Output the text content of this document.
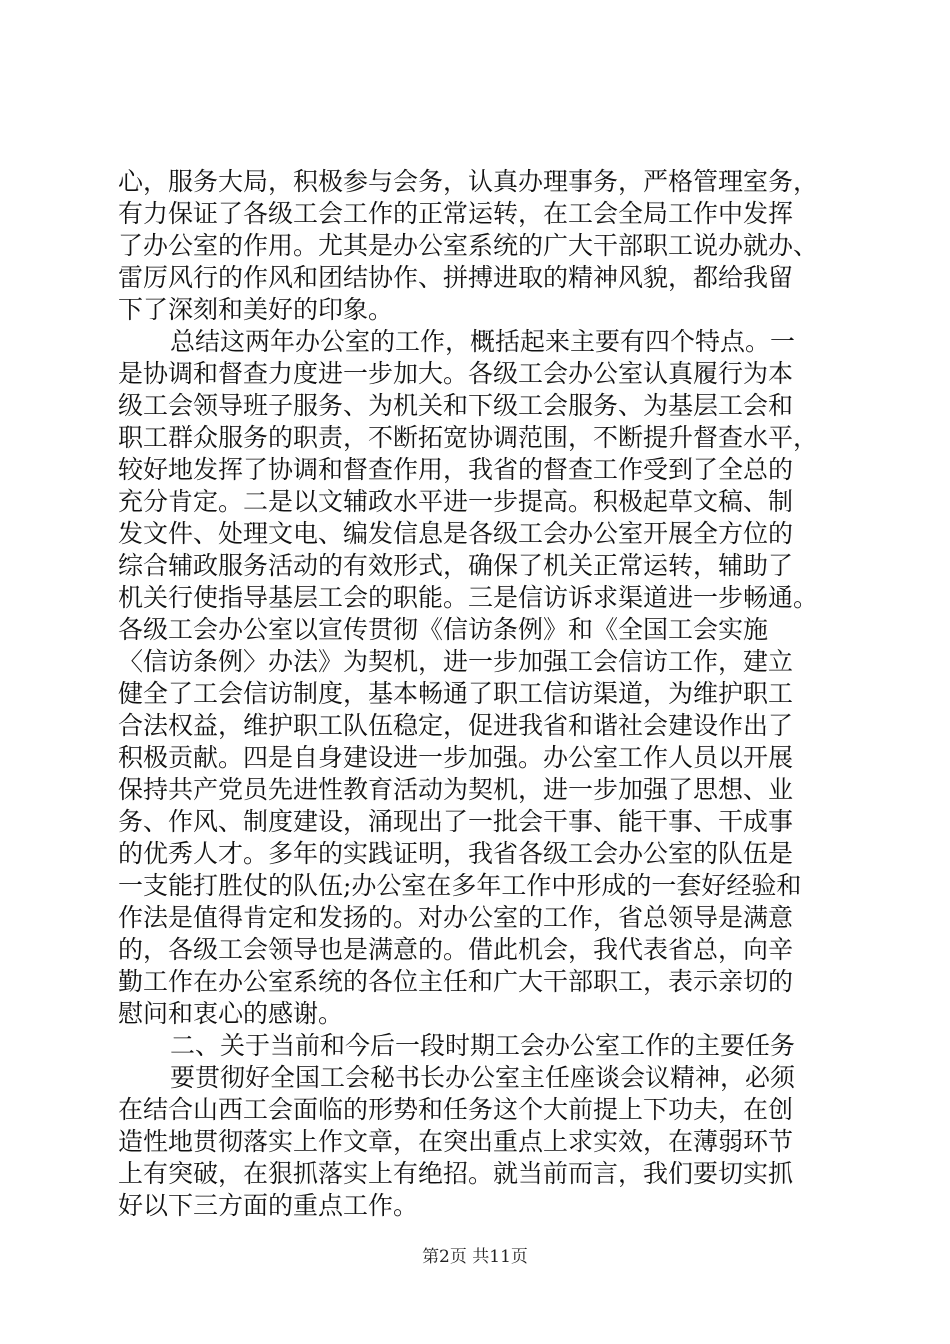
心，服务大局，积极参与会务，认真办理事务，严格管理室务，
有力保证了各级工会工作的正常运转，在工会全局工作中发挥
了办公室的作用。尤其是办公室系统的广大干部职工说办就办、
雷厉风行的作风和团结协作、拼搏进取的精神风貌，都给我留
下了深刻和美好的印象。
总结这两年办公室的工作，概括起来主要有四个特点。一
是协调和督查力度进一步加大。各级工会办公室认真履行为本
级工会领导班子服务、为机关和下级工会服务、为基层工会和
职工群众服务的职责，不断拓宽协调范围，不断提升督查水平，
较好地发挥了协调和督查作用，我省的督查工作受到了全总的
充分肯定。二是以文辅政水平进一步提高。积极起草文稿、制
发文件、处理文电、编发信息是各级工会办公室开展全方位的
综合辅政服务活动的有效形式，确保了机关正常运转，辅助了
机关行使指导基层工会的职能。三是信访诉求渠道进一步畅通。
各级工会办公室以宣传贯彻《信访条例》和《全国工会实施
〈信访条例〉办法》为契机，进一步加强工会信访工作，建立
健全了工会信访制度，基本畅通了职工信访渠道，为维护职工
合法权益，维护职工队伍稳定，促进我省和谐社会建设作出了
积极贡献。四是自身建设进一步加强。办公室工作人员以开展
保持共产党员先进性教育活动为契机，进一步加强了思想、业
务、作风、制度建设，涌现出了一批会干事、能干事、干成事
的优秀人才。多年的实践证明，我省各级工会办公室的队伍是
一支能打胜仗的队伍;办公室在多年工作中形成的一套好经验和
作法是值得肯定和发扬的。对办公室的工作，省总领导是满意
的，各级工会领导也是满意的。借此机会，我代表省总，向辛
勤工作在办公室系统的各位主任和广大干部职工，表示亲切的
慰问和衷心的感谢。
二、关于当前和今后一段时期工会办公室工作的主要任务
要贯彻好全国工会秘书长办公室主任座谈会议精神，必须
在结合山西工会面临的形势和任务这个大前提上下功夫，在创
造性地贯彻落实上作文章，在突出重点上求实效，在薄弱环节
上有突破，在狠抓落实上有绝招。就当前而言，我们要切实抓
好以下三方面的重点工作。
第2页 共11页
